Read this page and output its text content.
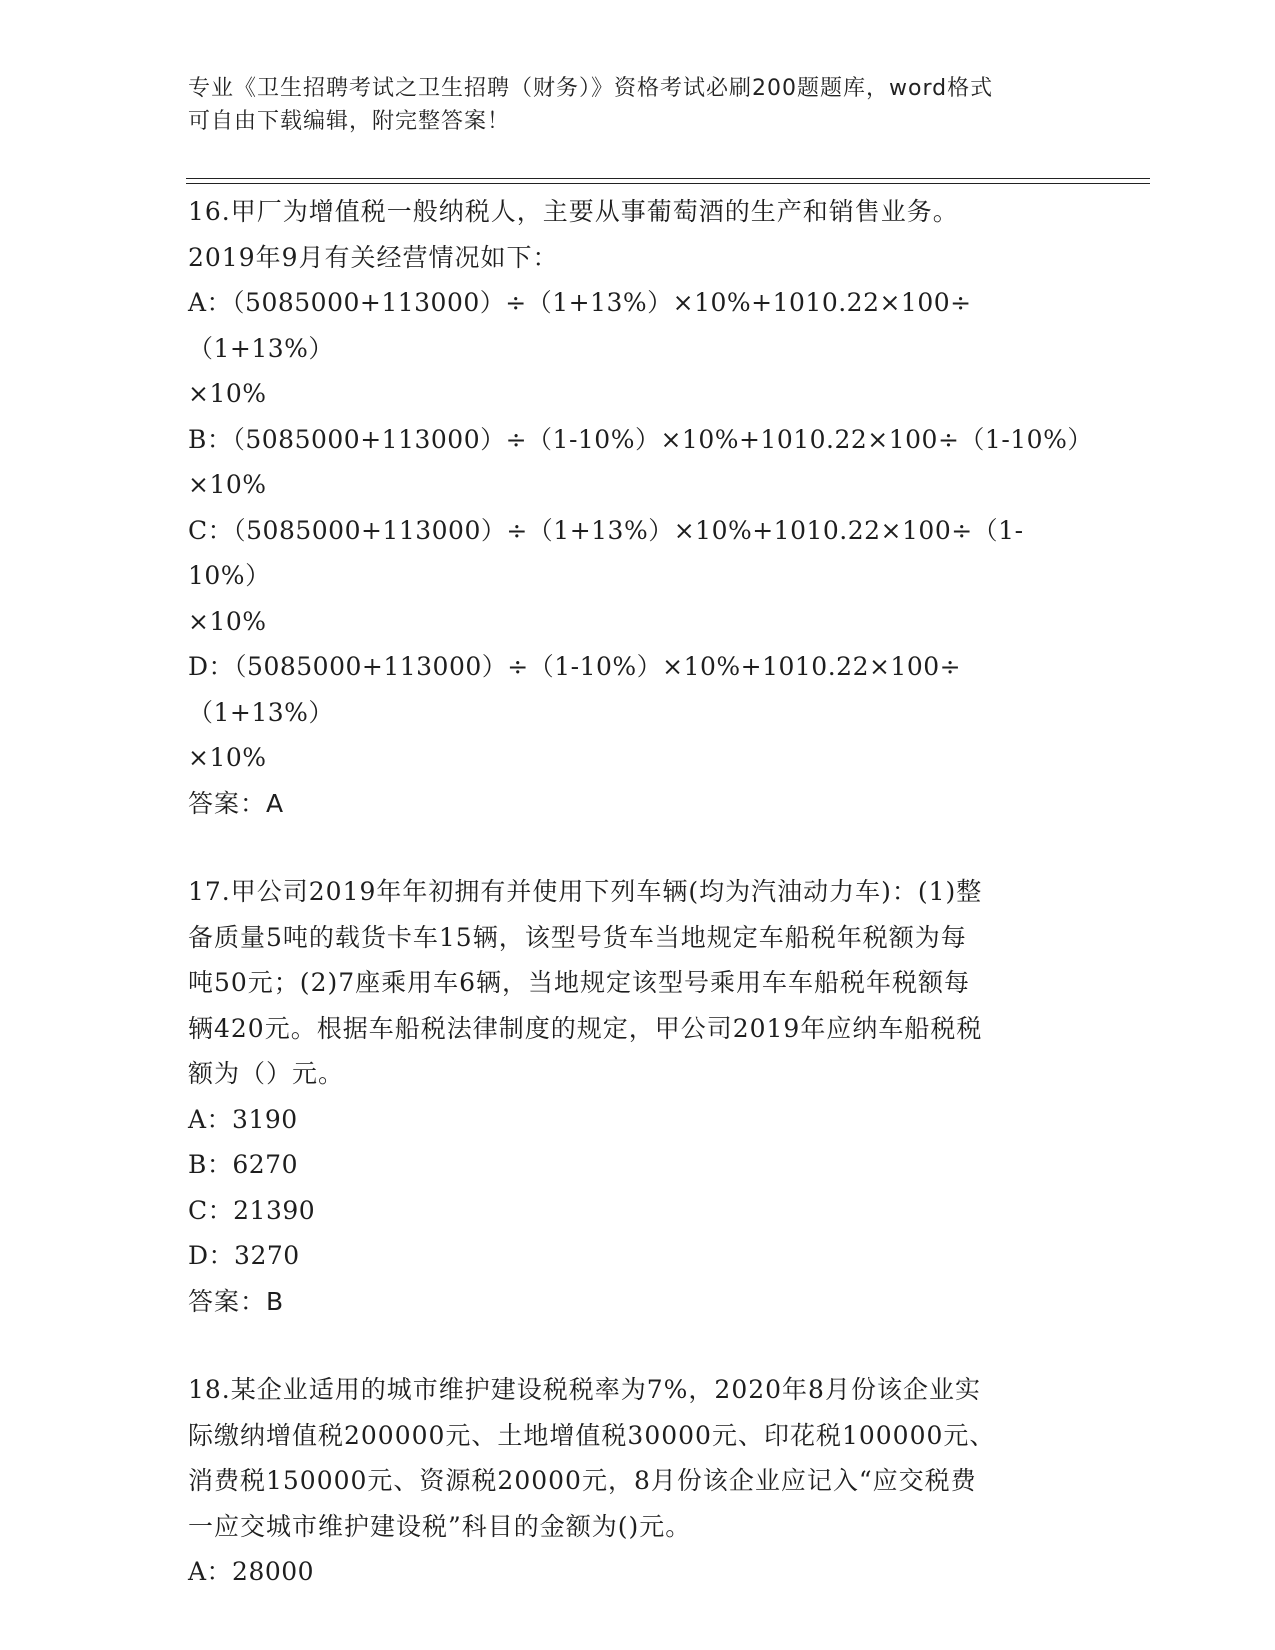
专业《卫生招聘考试之卫生招聘（财务）》资格考试必刷200题题库，word格式
可自由下载编辑，附完整答案！
16.甲厂为增值税一般纳税人，主要从事葡萄酒的生产和销售业务。
2019年9月有关经营情况如下：
A：（5085000+113000）÷（1+13%）×10%+1010.22×100÷（1+13%）
×10%
B：（5085000+113000）÷（1-10%）×10%+1010.22×100÷（1-10%）
×10%
C：（5085000+113000）÷（1+13%）×10%+1010.22×100÷（1-10%）
×10%
D：（5085000+113000）÷（1-10%）×10%+1010.22×100÷（1+13%）
×10%
答案：A
17.甲公司2019年年初拥有并使用下列车辆(均为汽油动力车)：(1)整
备质量5吨的载货卡车15辆，该型号货车当地规定车船税年税额为每
吨50元；(2)7座乘用车6辆，当地规定该型号乘用车车船税年税额每
辆420元。根据车船税法律制度的规定，甲公司2019年应纳车船税税
额为（）元。
A：3190
B：6270
C：21390
D：3270
答案：B
18.某企业适用的城市维护建设税税率为7%，2020年8月份该企业实
际缴纳增值税200000元、土地增值税30000元、印花税100000元、
消费税150000元、资源税20000元，8月份该企业应记入“应交税费
一应交城市维护建设税”科目的金额为()元。
A：28000
